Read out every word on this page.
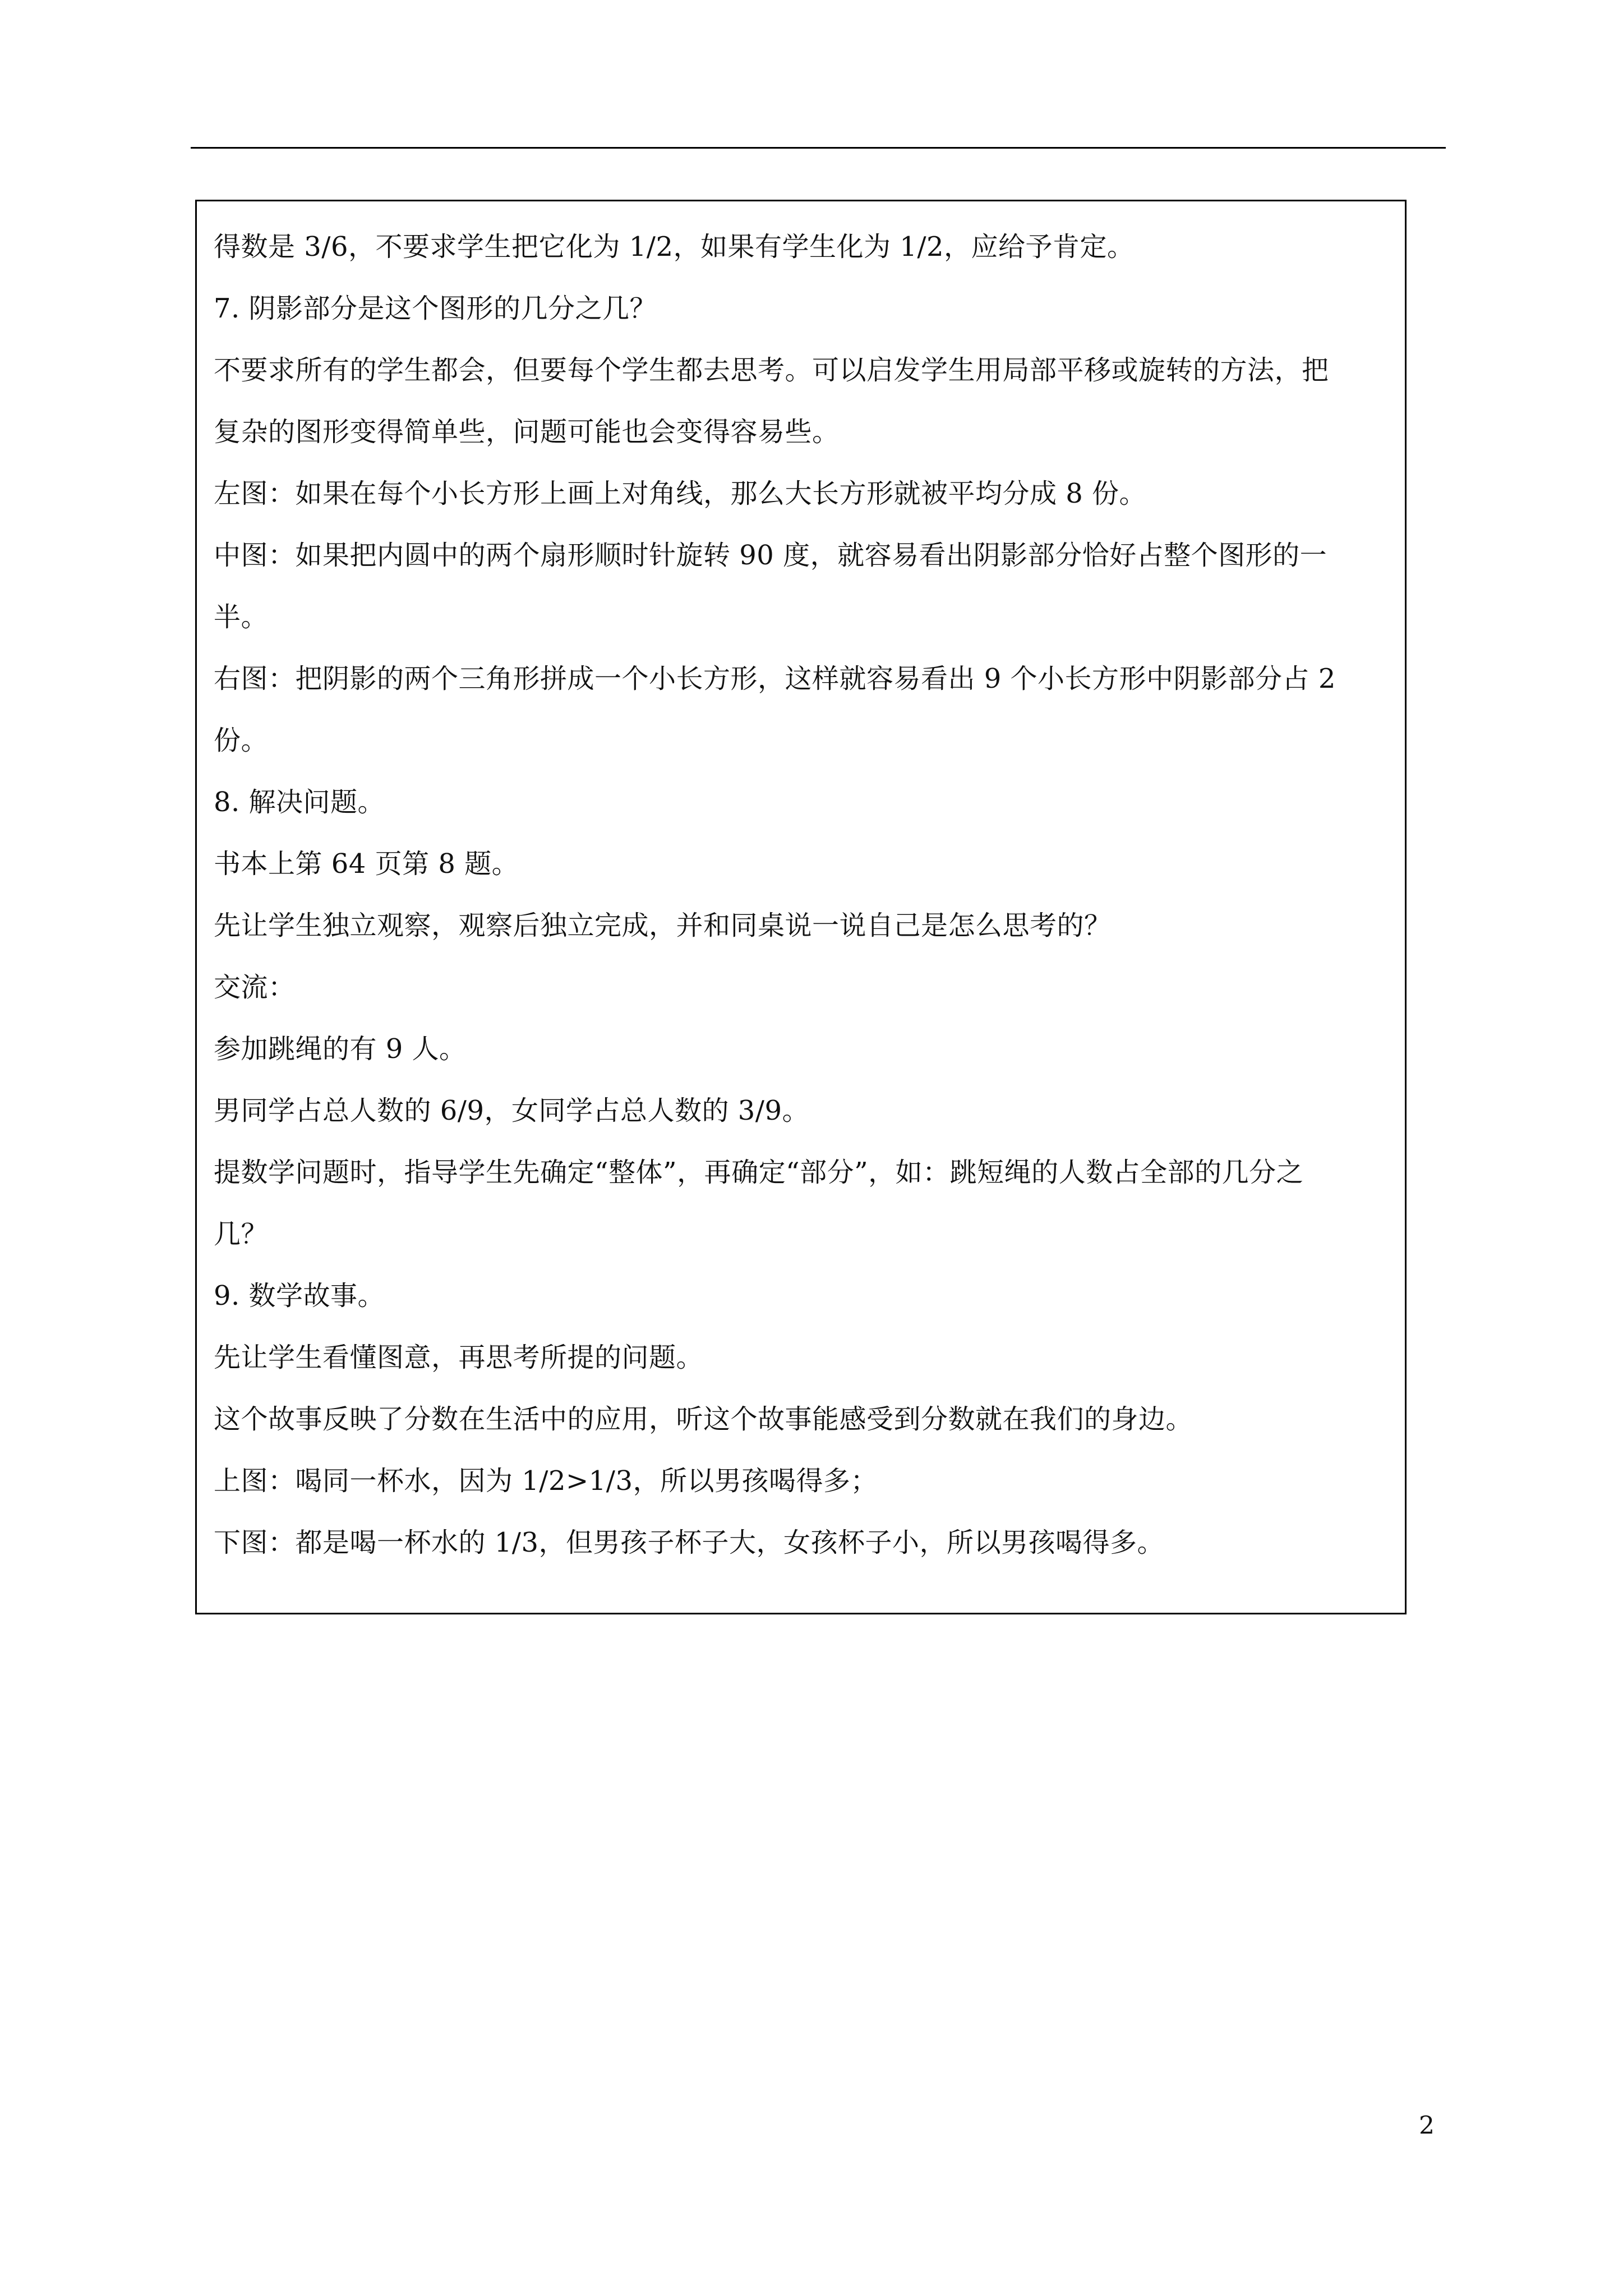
得数是 3/6，不要求学生把它化为 1/2，如果有学生化为 1/2，应给予肯定。
7. 阴影部分是这个图形的几分之几？
不要求所有的学生都会，但要每个学生都去思考。可以启发学生用局部平移或旋转的方法，把
复杂的图形变得简单些，问题可能也会变得容易些。
左图：如果在每个小长方形上画上对角线，那么大长方形就被平均分成 8 份。
中图：如果把内圆中的两个扇形顺时针旋转 90 度，就容易看出阴影部分恰好占整个图形的一
半。
右图：把阴影的两个三角形拼成一个小长方形，这样就容易看出 9 个小长方形中阴影部分占 2
份。
8. 解决问题。
书本上第 64 页第 8 题。
先让学生独立观察，观察后独立完成，并和同桌说一说自己是怎么思考的？
交流：
参加跳绳的有 9 人。
男同学占总人数的 6/9，女同学占总人数的 3/9。
提数学问题时，指导学生先确定“整体”，再确定“部分”，如：跳短绳的人数占全部的几分之
几？
9. 数学故事。
先让学生看懂图意，再思考所提的问题。
这个故事反映了分数在生活中的应用，听这个故事能感受到分数就在我们的身边。
上图：喝同一杯水，因为 1/2>1/3，所以男孩喝得多；
下图：都是喝一杯水的 1/3，但男孩子杯子大，女孩杯子小，所以男孩喝得多。
2
